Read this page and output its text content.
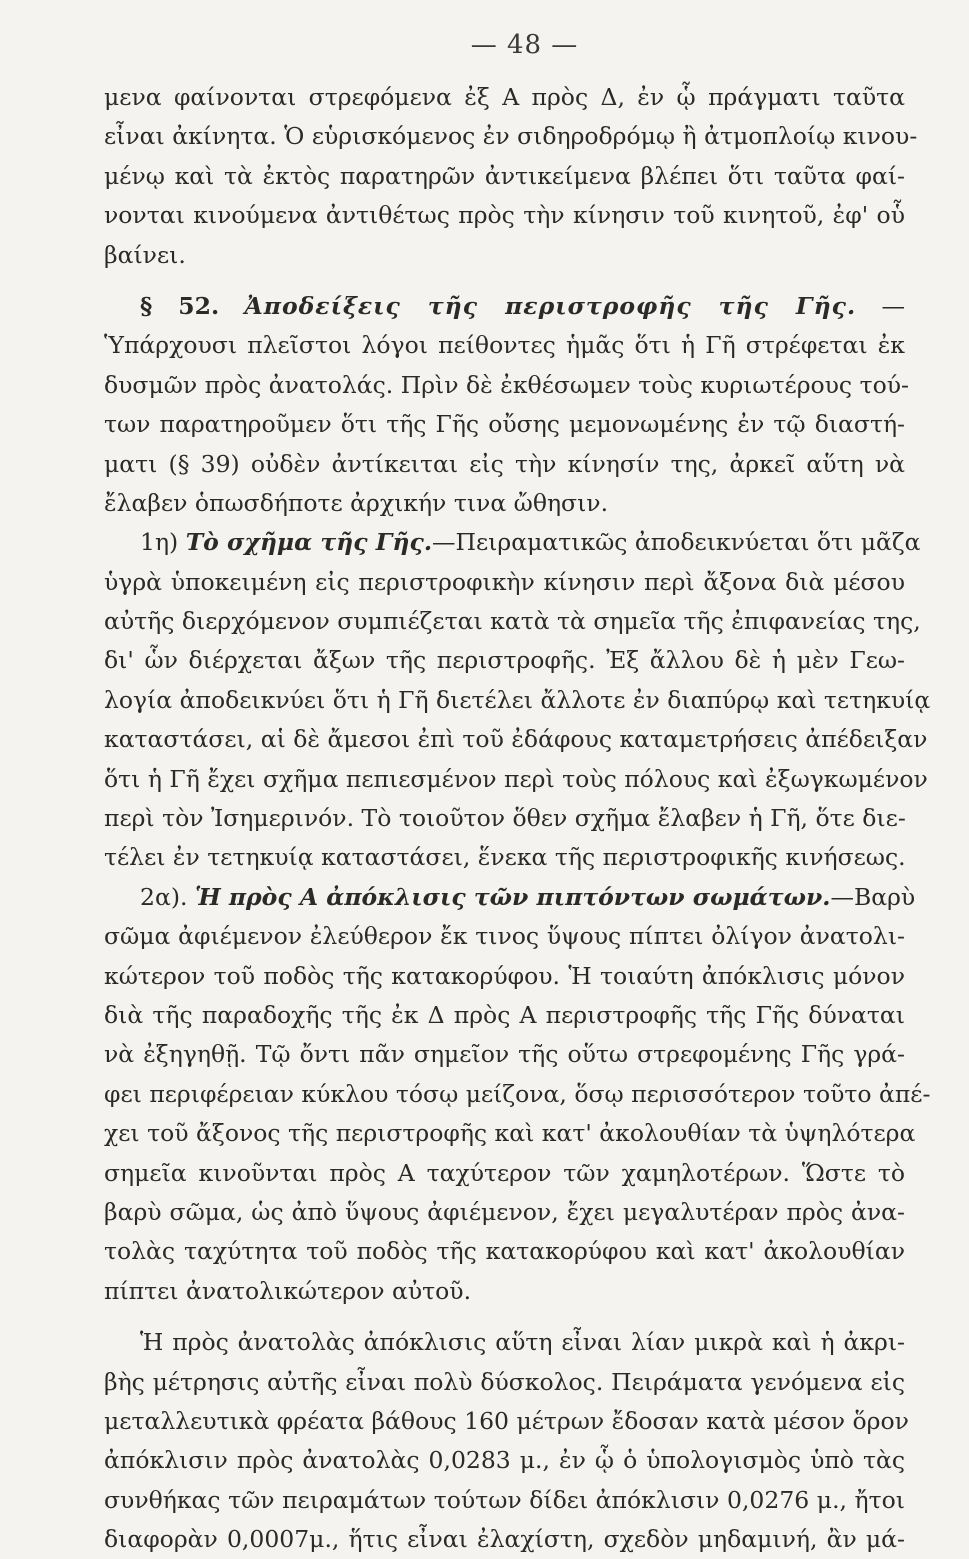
— 48 —
μενα φαίνονται στρεφόμενα ἐξ Α πρὸς Δ, ἐν ᾧ πράγματι ταῦτα
εἶναι ἀκίνητα. Ὁ εὑρισκόμενος ἐν σιδηροδρόμῳ ἢ ἀτμοπλοίῳ κινου-
μένῳ καὶ τὰ ἐκτὸς παρατηρῶν ἀντικείμενα βλέπει ὅτι ταῦτα φαί-
νονται κινούμενα ἀντιθέτως πρὸς τὴν κίνησιν τοῦ κινητοῦ, ἐφ' οὗ
βαίνει.
§ 52. Ἀποδείξεις τῆς περιστροφῆς τῆς Γῆς. —
Ὑπάρχουσι πλεῖστοι λόγοι πείθοντες ἡμᾶς ὅτι ἡ Γῆ στρέφεται ἐκ
δυσμῶν πρὸς ἀνατολάς. Πρὶν δὲ ἐκθέσωμεν τοὺς κυριωτέρους τού-
των παρατηροῦμεν ὅτι τῆς Γῆς οὔσης μεμονωμένης ἐν τῷ διαστή-
ματι (§ 39) οὐδὲν ἀντίκειται εἰς τὴν κίνησίν της, ἀρκεῖ αὕτη νὰ
ἔλαβεν ὁπωσδήποτε ἀρχικήν τινα ὤθησιν.
1η) Τὸ σχῆμα τῆς Γῆς.—Πειραματικῶς ἀποδεικνύεται ὅτι μᾶζα
ὑγρὰ ὑποκειμένη εἰς περιστροφικὴν κίνησιν περὶ ἄξονα διὰ μέσου
αὐτῆς διερχόμενον συμπιέζεται κατὰ τὰ σημεῖα τῆς ἐπιφανείας της,
δι' ὧν διέρχεται ἄξων τῆς περιστροφῆς. Ἐξ ἄλλου δὲ ἡ μὲν Γεω-
λογία ἀποδεικνύει ὅτι ἡ Γῆ διετέλει ἄλλοτε ἐν διαπύρῳ καὶ τετηκυίᾳ
καταστάσει, αἱ δὲ ἄμεσοι ἐπὶ τοῦ ἐδάφους καταμετρήσεις ἀπέδειξαν
ὅτι ἡ Γῆ ἔχει σχῆμα πεπιεσμένον περὶ τοὺς πόλους καὶ ἐξωγκωμένον
περὶ τὸν Ἰσημερινόν. Τὸ τοιοῦτον ὅθεν σχῆμα ἔλαβεν ἡ Γῆ, ὅτε διε-
τέλει ἐν τετηκυίᾳ καταστάσει, ἕνεκα τῆς περιστροφικῆς κινήσεως.
2α). Ἡ πρὸς Α ἀπόκλισις τῶν πιπτόντων σωμάτων.—Βαρὺ
σῶμα ἀφιέμενον ἐλεύθερον ἔκ τινος ὕψους πίπτει ὀλίγον ἀνατολι-
κώτερον τοῦ ποδὸς τῆς κατακορύφου. Ἡ τοιαύτη ἀπόκλισις μόνον
διὰ τῆς παραδοχῆς τῆς ἐκ Δ πρὸς Α περιστροφῆς τῆς Γῆς δύναται
νὰ ἐξηγηθῇ. Τῷ ὄντι πᾶν σημεῖον τῆς οὕτω στρεφομένης Γῆς γρά-
φει περιφέρειαν κύκλου τόσῳ μείζονα, ὅσῳ περισσότερον τοῦτο ἀπέ-
χει τοῦ ἄξονος τῆς περιστροφῆς καὶ κατ' ἀκολουθίαν τὰ ὑψηλότερα
σημεῖα κινοῦνται πρὸς Α ταχύτερον τῶν χαμηλοτέρων. Ὥστε τὸ
βαρὺ σῶμα, ὡς ἀπὸ ὕψους ἀφιέμενον, ἔχει μεγαλυτέραν πρὸς ἀνα-
τολὰς ταχύτητα τοῦ ποδὸς τῆς κατακορύφου καὶ κατ' ἀκολουθίαν
πίπτει ἀνατολικώτερον αὐτοῦ.
Ἡ πρὸς ἀνατολὰς ἀπόκλισις αὕτη εἶναι λίαν μικρὰ καὶ ἡ ἀκρι-
βὴς μέτρησις αὐτῆς εἶναι πολὺ δύσκολος. Πειράματα γενόμενα εἰς
μεταλλευτικὰ φρέατα βάθους 160 μέτρων ἔδοσαν κατὰ μέσον ὅρον
ἀπόκλισιν πρὸς ἀνατολὰς 0,0283 μ., ἐν ᾧ ὁ ὑπολογισμὸς ὑπὸ τὰς
συνθήκας τῶν πειραμάτων τούτων δίδει ἀπόκλισιν 0,0276 μ., ἤτοι
διαφορὰν 0,0007μ., ἥτις εἶναι ἐλαχίστη, σχεδὸν μηδαμινή, ἂν μά-
